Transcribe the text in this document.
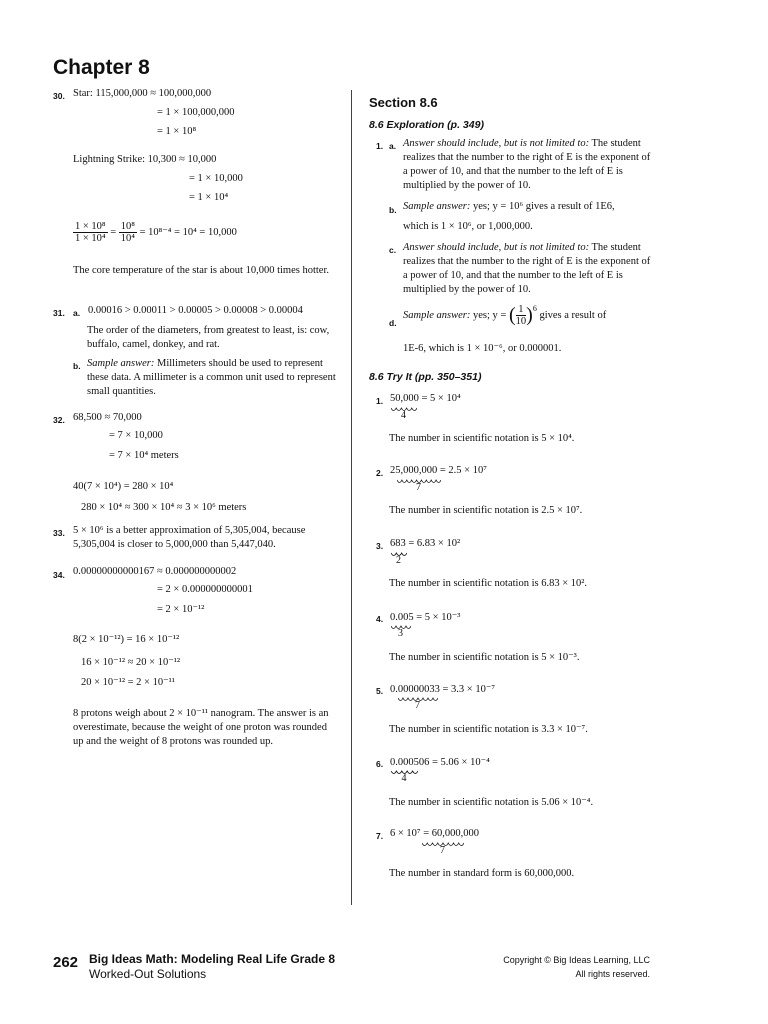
Chapter 8
30. Star: 115,000,000 ≈ 100,000,000
= 1 × 100,000,000
= 1 × 10⁸
Lightning Strike: 10,300 ≈ 10,000
= 1 × 10,000
= 1 × 10⁴
$\frac{\text{1 × 10⁸}}{\text{1 × 10⁴}} = \frac{\text{10⁸}}{\text{10⁴}} = 10^{8-4} = 10^4 = 10,000$
The core temperature of the star is about 10,000 times hotter.
31. a. 0.00016 > 0.00011 > 0.00005 > 0.00008 > 0.00004
The order of the diameters, from greatest to least, is: cow, buffalo, camel, donkey, and rat.
b. Sample answer: Millimeters should be used to represent these data. A millimeter is a common unit used to represent small quantities.
32. 68,500 ≈ 70,000
= 7 × 10,000
= 7 × 10⁴ meters
40(7 × 10⁴) = 280 × 10⁴
280 × 10⁴ ≈ 300 × 10⁴ ≈ 3 × 10⁶ meters
33. 5 × 10⁶ is a better approximation of 5,305,004, because 5,305,004 is closer to 5,000,000 than 5,447,040.
34. 0.00000000000167 ≈ 0.000000000002
= 2 × 0.000000000001
= 2 × 10⁻¹²
8(2 × 10⁻¹²) = 16 × 10⁻¹²
16 × 10⁻¹² ≈ 20 × 10⁻¹²
20 × 10⁻¹² = 2 × 10⁻¹¹
8 protons weigh about 2 × 10⁻¹¹ nanogram. The answer is an overestimate, because the weight of one proton was rounded up and the weight of 8 protons was rounded up.
Section 8.6
8.6 Exploration (p. 349)
1. a. Answer should include, but is not limited to: The student realizes that the number to the right of E is the exponent of a power of 10, and that the number to the left of E is multiplied by the power of 10.
b. Sample answer: yes; y = 10⁶ gives a result of 1E6,
which is 1 × 10⁶, or 1,000,000.
c. Answer should include, but is not limited to: The student realizes that the number to the right of E is the exponent of a power of 10, and that the number to the left of E is multiplied by the power of 10.
d.
Sample answer: yes; y = ( $\frac{1}{10} )^6$ gives a result of
1E-6, which is 1 × 10⁻⁶, or 0.000001.
8.6 Try It (pp. 350–351)
1. 50,000 = 5 × 10⁴
4
The number in scientific notation is 5 × 10⁴.
2. 25,000,000 = 2.5 × 10⁷
7
The number in scientific notation is 2.5 × 10⁷.
3. 683 = 6.83 × 10²
2
The number in scientific notation is 6.83 × 10².
4. 0.005 = 5 × 10⁻³
3
The number in scientific notation is 5 × 10⁻³.
5. 0.00000033 = 3.3 × 10⁻⁷
7
The number in scientific notation is 3.3 × 10⁻⁷.
6. 0.000506 = 5.06 × 10⁻⁴
4
The number in scientific notation is 5.06 × 10⁻⁴.
7. 6 × 10⁷ = 60,000,000
7
The number in standard form is 60,000,000.
262 Big Ideas Math: Modeling Real Life Grade 8
Worked-Out Solutions
Copyright © Big Ideas Learning, LLC
All rights reserved.
